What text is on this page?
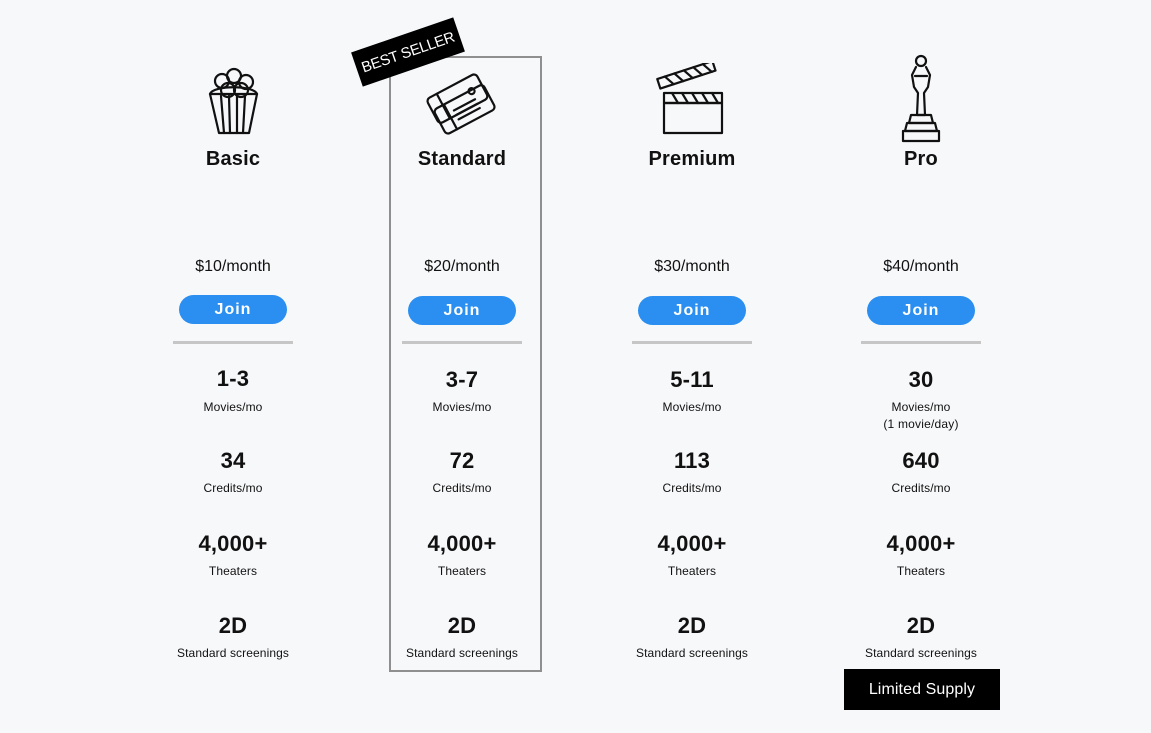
BEST SELLER
Basic
$10/month
Join
1-3
Movies/mo
34
Credits/mo
4,000+
Theaters
2D
Standard screenings
Standard
$20/month
Join
3-7
Movies/mo
72
Credits/mo
4,000+
Theaters
2D
Standard screenings
Premium
$30/month
Join
5-11
Movies/mo
113
Credits/mo
4,000+
Theaters
2D
Standard screenings
Pro
$40/month
Join
30
Movies/mo
(1 movie/day)
640
Credits/mo
4,000+
Theaters
2D
Standard screenings
Limited Supply
